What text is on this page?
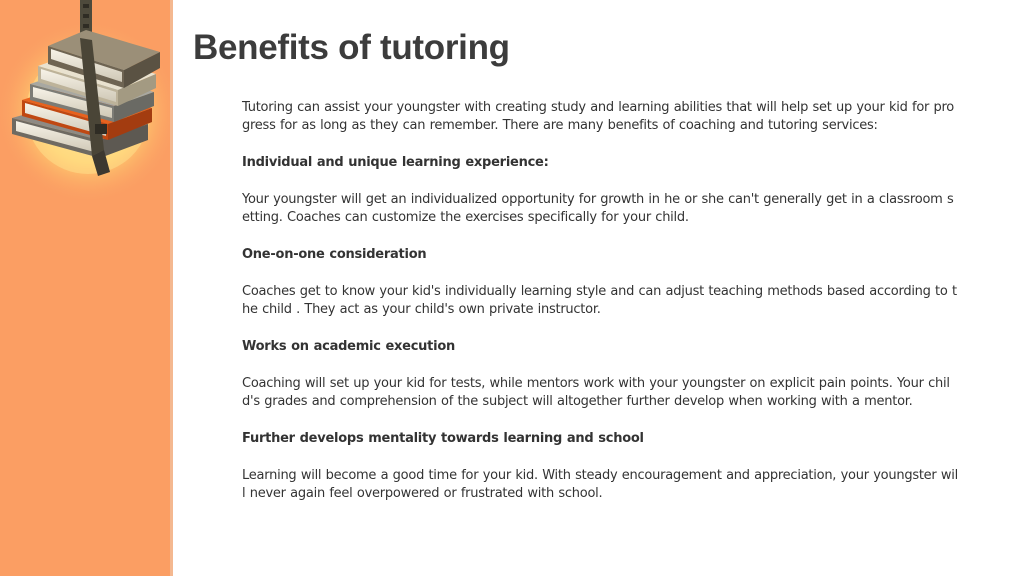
Benefits of tutoring

Tutoring can assist your youngster with creating study and learning abilities that will help set up your kid for progress for as long as they can remember. There are many benefits of coaching and tutoring services:

Individual and unique learning experience:

Your youngster will get an individualized opportunity for growth in he or she can't generally get in a classroom setting. Coaches can customize the exercises specifically for your child.

One-on-one consideration

Coaches get to know your kid's individually learning style and can adjust teaching methods based according to the child . They act as your child's own private instructor.

Works on academic execution

Coaching will set up your kid for tests, while mentors work with your youngster on explicit pain points. Your child's grades and comprehension of the subject will altogether further develop when working with a mentor.

Further develops mentality towards learning and school

Learning will become a good time for your kid. With steady encouragement and appreciation, your youngster will never again feel overpowered or frustrated with school.
